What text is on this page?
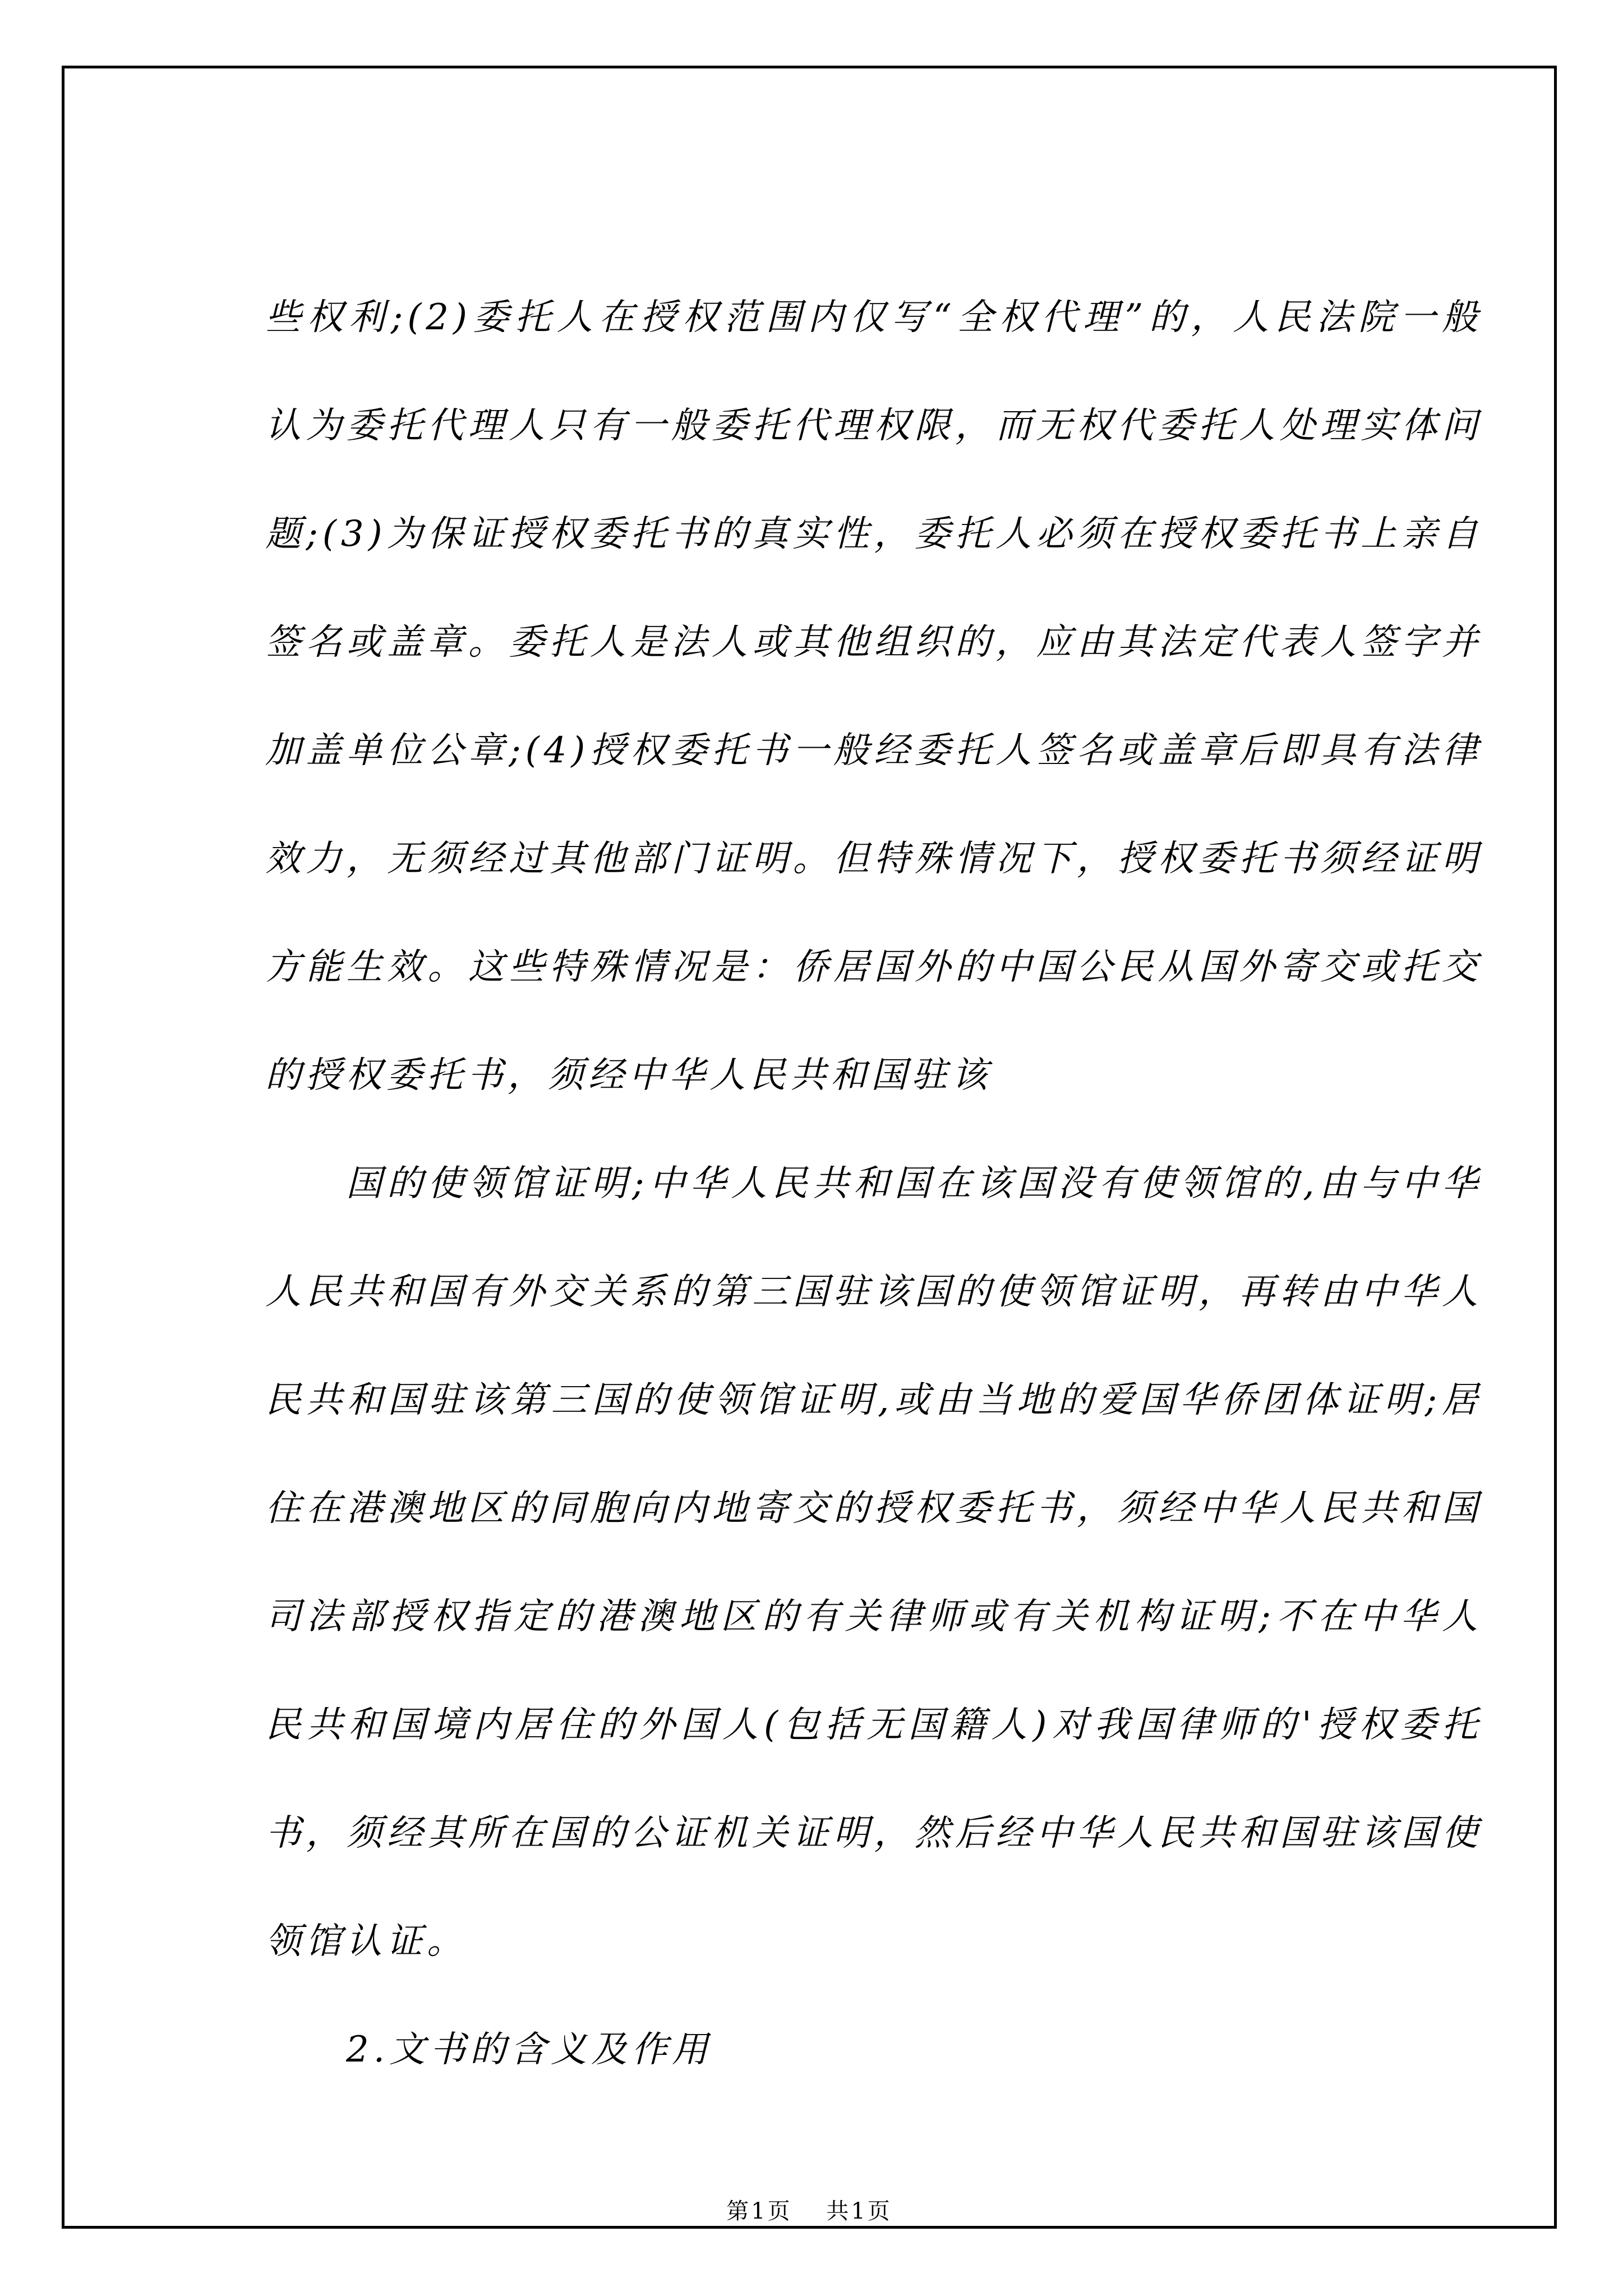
些权利;(2)委托人在授权范围内仅写“全权代理”的，人民法院一般
认为委托代理人只有一般委托代理权限，而无权代委托人处理实体问
题;(3)为保证授权委托书的真实性，委托人必须在授权委托书上亲自
签名或盖章。委托人是法人或其他组织的，应由其法定代表人签字并
加盖单位公章;(4)授权委托书一般经委托人签名或盖章后即具有法律
效力，无须经过其他部门证明。但特殊情况下，授权委托书须经证明
方能生效。这些特殊情况是：侨居国外的中国公民从国外寄交或托交
的授权委托书，须经中华人民共和国驻该
国的使领馆证明;中华人民共和国在该国没有使领馆的,由与中华
人民共和国有外交关系的第三国驻该国的使领馆证明，再转由中华人
民共和国驻该第三国的使领馆证明,或由当地的爱国华侨团体证明;居
住在港澳地区的同胞向内地寄交的授权委托书，须经中华人民共和国
司法部授权指定的港澳地区的有关律师或有关机构证明;不在中华人
民共和国境内居住的外国人(包括无国籍人)对我国律师的'授权委托
书，须经其所在国的公证机关证明，然后经中华人民共和国驻该国使
领馆认证。
2.文书的含义及作用
第1页 共1页
